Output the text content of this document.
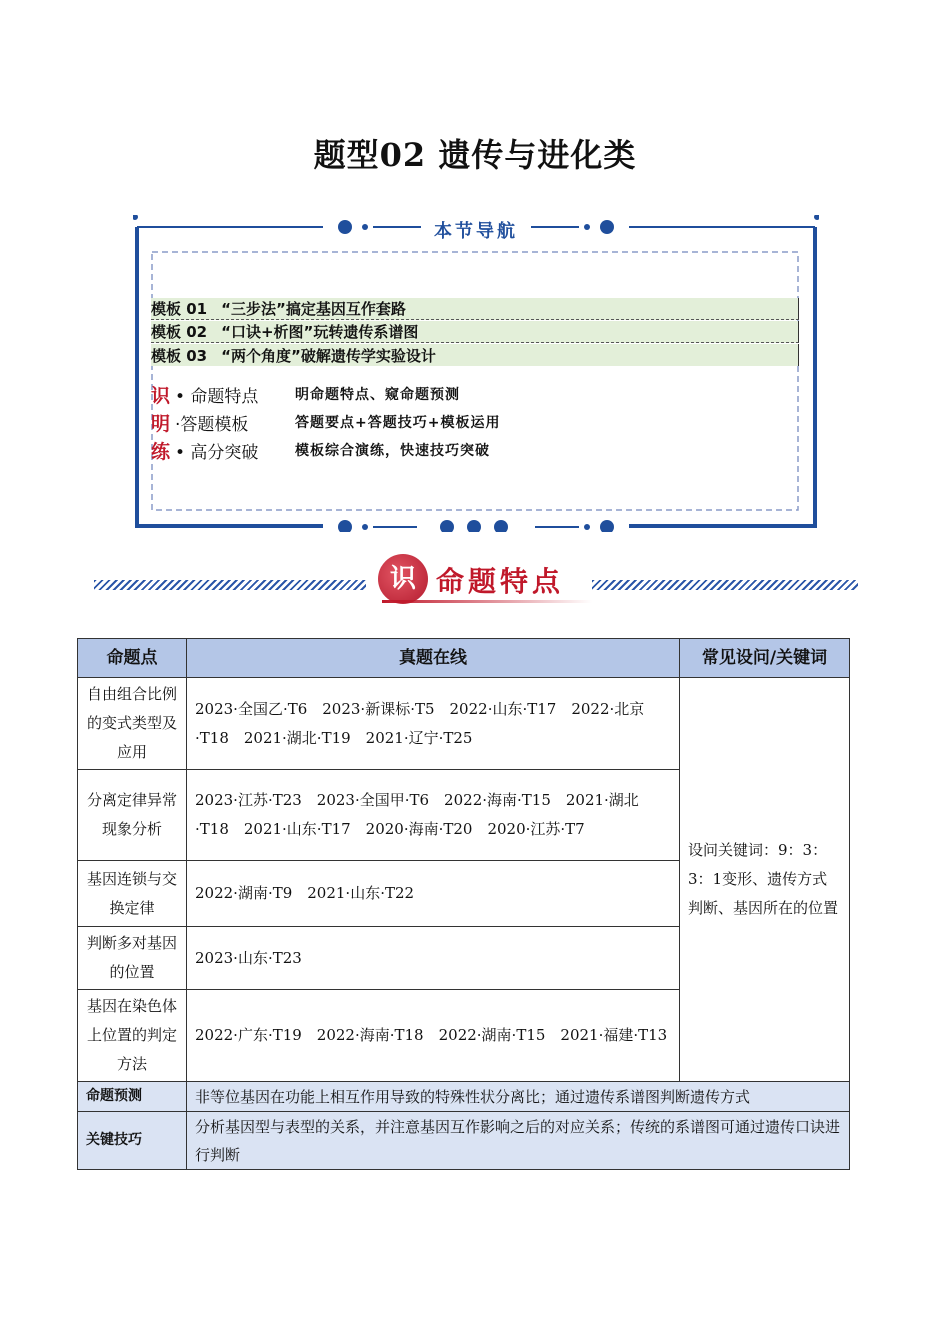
题型02 遗传与进化类
本节导航
模板 01 “三步法”搞定基因互作套路
模板 02 “口诀+析图”玩转遗传系谱图
模板 03 “两个角度”破解遗传学实验设计
识 • 命题特点	明命题特点、窥命题预测
明 ·答题模板	答题要点+答题技巧+模板运用
练 • 高分突破	模板综合演练，快速技巧突破
识 命题特点
命题点	真题在线	常见设问/关键词
自由组合比例的变式类型及应用	2023·全国乙·T6　2023·新课标·T5　2022·山东·T17　2022·北京·T18　2021·湖北·T19　2021·辽宁·T25	设问关键词：9：3：3：1变形、遗传方式判断、基因所在的位置
分离定律异常现象分析	2023·江苏·T23　2023·全国甲·T6　2022·海南·T15　2021·湖北·T18　2021·山东·T17　2020·海南·T20　2020·江苏·T7	
基因连锁与交换定律	2022·湖南·T9　2021·山东·T22	
判断多对基因的位置	2023·山东·T23	
基因在染色体上位置的判定方法	2022·广东·T19　2022·海南·T18　2022·湖南·T15　2021·福建·T13	
命题预测	非等位基因在功能上相互作用导致的特殊性状分离比；通过遗传系谱图判断遗传方式	
关键技巧	分析基因型与表型的关系，并注意基因互作影响之后的对应关系；传统的系谱图可通过遗传口诀进行判断	
